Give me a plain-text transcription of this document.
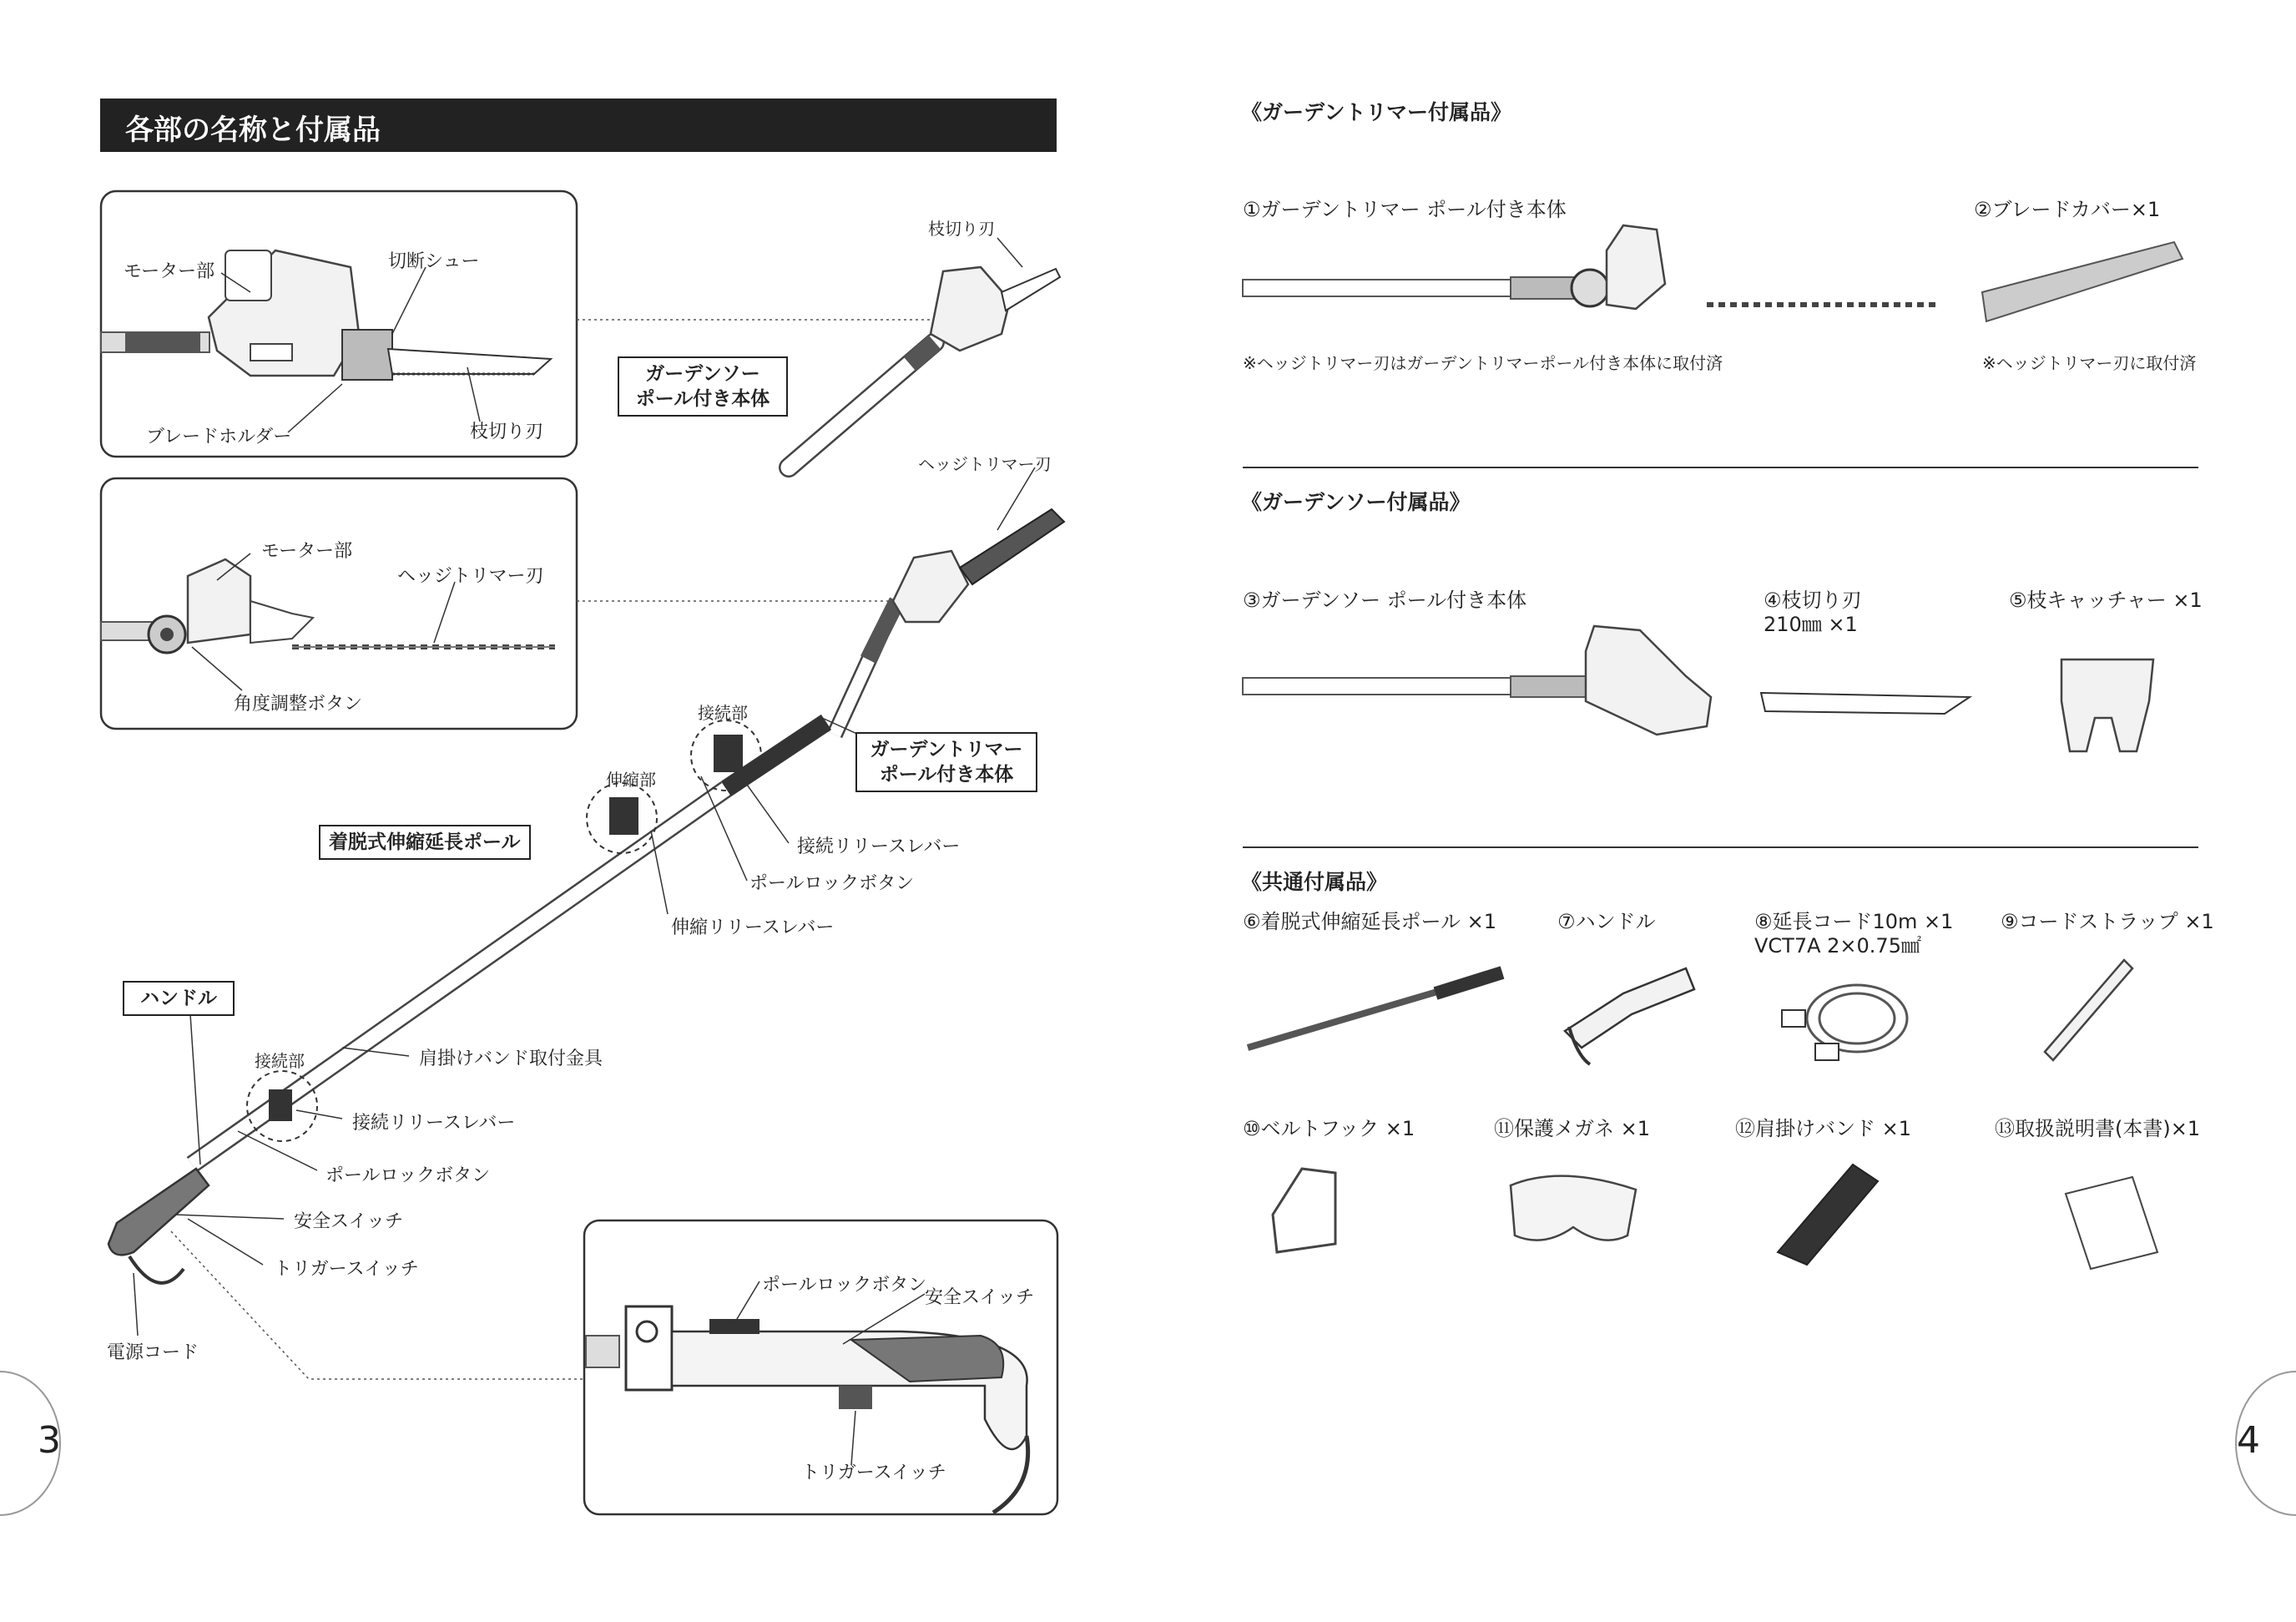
各部の名称と付属品
モーター部	切断シュー
ブレードホルダー	枝切り刃
モーター部
ヘッジトリマー刃
角度調整ボタン
枝切り刃
ヘッジトリマー刃
ガーデンソー
ポール付き本体
ガーデントリマー
ポール付き本体
接続部
伸縮部
接続リリースレバー
ポールロックボタン
伸縮リリースレバー
着脱式伸縮延長ポール
ハンドル
接続部	肩掛けバンド取付金具
接続リリースレバー
ポールロックボタン
安全スイッチ
トリガースイッチ
電源コード
ポールロックボタン
安全スイッチ
トリガースイッチ
3
《ガーデントリマー付属品》
①ガーデントリマー ポール付き本体
※ヘッジトリマー刃はガーデントリマーポール付き本体に取付済
②ブレードカバー×1
※ヘッジトリマー刃に取付済
《ガーデンソー付属品》
③ガーデンソー ポール付き本体	④枝切り刃
210㎜ ×1
⑤枝キャッチャー ×1
《共通付属品》
⑥着脱式伸縮延長ポール ×1	⑦ハンドル	⑧延長コード10m ×1
VCT7A 2×0.75㎟
⑨コードストラップ ×1
⑩ベルトフック ×1	⑪保護メガネ ×1	⑫肩掛けバンド ×1	⑬取扱説明書(本書)×1
4
